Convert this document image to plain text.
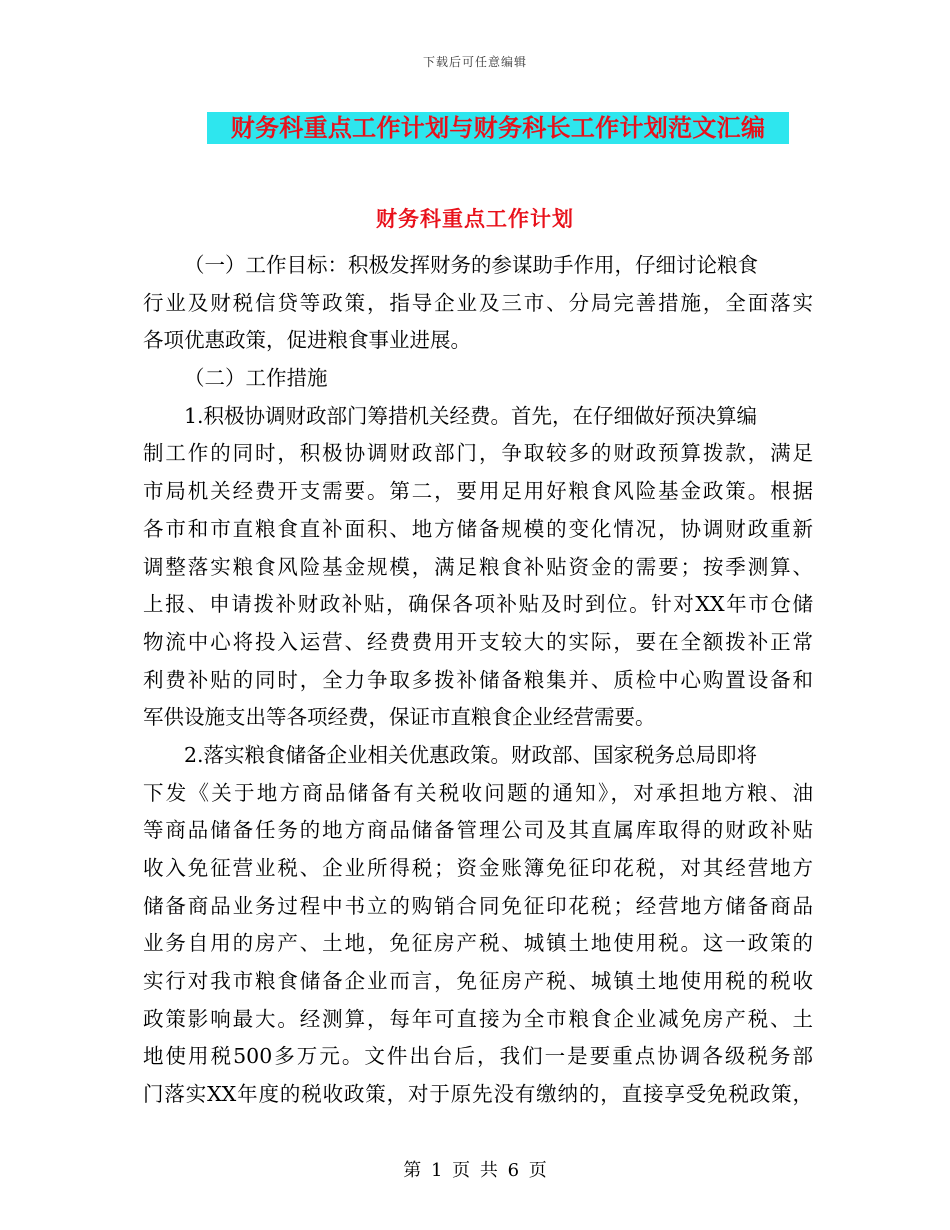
下载后可任意编辑
财务科重点工作计划与财务科长工作计划范文汇编
财务科重点工作计划
（一）工作目标：积极发挥财务的参谋助手作用，仔细讨论粮食
行业及财税信贷等政策，指导企业及三市、分局完善措施，全面落实
各项优惠政策，促进粮食事业进展。
（二）工作措施
1.积极协调财政部门筹措机关经费。首先，在仔细做好预决算编
制工作的同时，积极协调财政部门，争取较多的财政预算拨款，满足
市局机关经费开支需要。第二，要用足用好粮食风险基金政策。根据
各市和市直粮食直补面积、地方储备规模的变化情况，协调财政重新
调整落实粮食风险基金规模，满足粮食补贴资金的需要；按季测算、
上报、申请拨补财政补贴，确保各项补贴及时到位。针对XX年市仓储
物流中心将投入运营、经费费用开支较大的实际，要在全额拨补正常
利费补贴的同时，全力争取多拨补储备粮集并、质检中心购置设备和
军供设施支出等各项经费，保证市直粮食企业经营需要。
2.落实粮食储备企业相关优惠政策。财政部、国家税务总局即将
下发《关于地方商品储备有关税收问题的通知》，对承担地方粮、油
等商品储备任务的地方商品储备管理公司及其直属库取得的财政补贴
收入免征营业税、企业所得税；资金账簿免征印花税，对其经营地方
储备商品业务过程中书立的购销合同免征印花税；经营地方储备商品
业务自用的房产、土地，免征房产税、城镇土地使用税。这一政策的
实行对我市粮食储备企业而言，免征房产税、城镇土地使用税的税收
政策影响最大。经测算，每年可直接为全市粮食企业减免房产税、土
地使用税500多万元。文件出台后，我们一是要重点协调各级税务部
门落实XX年度的税收政策，对于原先没有缴纳的，直接享受免税政策，
第 1 页 共 6 页
